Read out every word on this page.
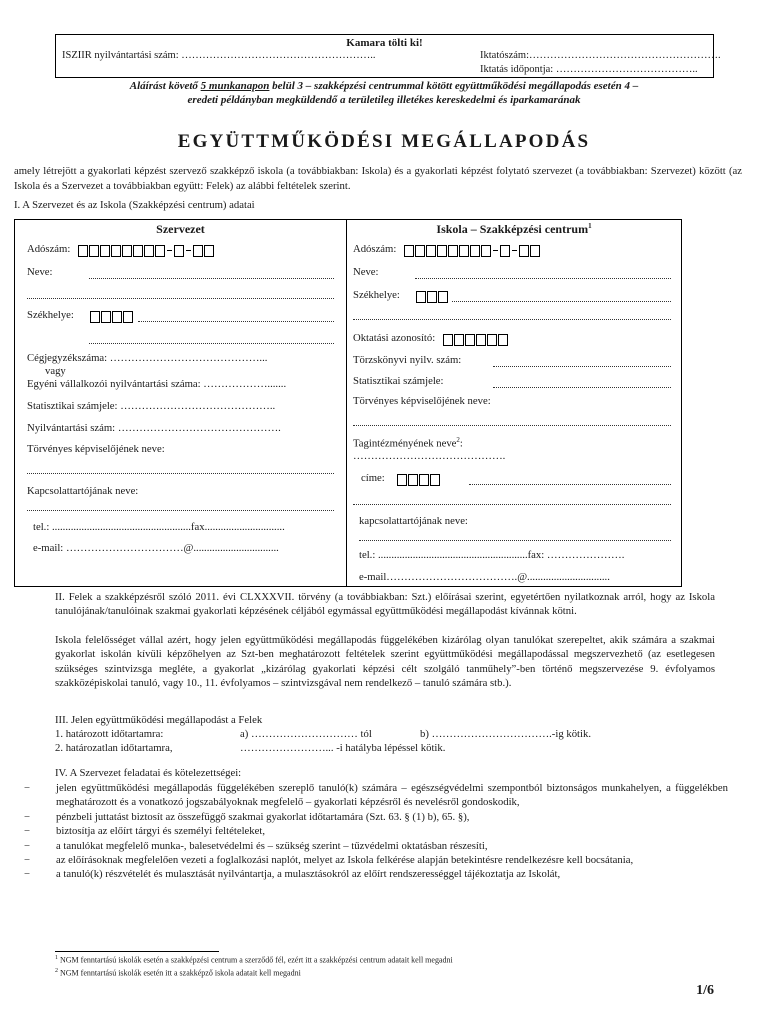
Kamara tölti ki!
ISZIIR nyilvántartási szám: ………………………………………………..	Iktatószám:……………………………………………….
Iktatás időpontja: …………………………………..
Aláírást követő 5 munkanapon belül 3 – szakképzési centrummal kötött együttműködési megállapodás esetén 4 –
eredeti példányban megküldendő a területileg illetékes kereskedelmi és iparkamarának
EGYÜTTMŰKÖDÉSI MEGÁLLAPODÁS
amely létrejött a gyakorlati képzést szervező szakképző iskola (a továbbiakban: Iskola) és a gyakorlati képzést folytató szervezet (a továbbiakban: Szervezet) között (az Iskola és a Szervezet a továbbiakban együtt: Felek) az alábbi feltételek szerint.
I. A Szervezet és az Iskola (Szakképzési centrum) adatai
Szervezet
Adószám:
Neve:
Székhelye:
Cégjegyzékszáma: ……………………………………...
vagy
Egyéni vállalkozói nyilvántartási száma: ……………….......
Statisztikai számjele: ……………………………………..
Nyilvántartási szám: ……………………………………….
Törvényes képviselőjének neve:
Kapcsolattartójának neve:
tel.: ....................................................fax..............................
e-mail: ……………………………@................................
Iskola – Szakképzési centrum$^1$
Adószám:
Neve:
Székhelye:
Oktatási azonosító:
Törzskönyvi nyilv. szám:
Statisztikai számjele:
Törvényes képviselőjének neve:
Tagintézményének neve$^2$:
…………………………………….
címe:
kapcsolattartójának neve:
tel.: ........................................................fax: ………………….
e-mail……………………………….@...............................
II. Felek a szakképzésről szóló 2011. évi CLXXXVII. törvény (a továbbiakban: Szt.) előírásai szerint, egyetértően nyilatkoznak arról, hogy az Iskola tanulójának/tanulóinak szakmai gyakorlati képzésének céljából egymással együttműködési megállapodást kívánnak kötni.
Iskola felelősséget vállal azért, hogy jelen együttműködési megállapodás függelékében kizárólag olyan tanulókat szerepeltet, akik számára a szakmai gyakorlat iskolán kívüli képzőhelyen az Szt-ben meghatározott feltételek szerint együttműködési megállapodással megszervezhető (az esetlegesen szükséges szintvizsga megléte, a gyakorlat „kizárólag gyakorlati képzési célt szolgáló tanműhely”-ben történő megszervezése 9. évfolyamos szakközépiskolai tanuló, vagy 10., 11. évfolyamos – szintvizsgával nem rendelkező – tanuló számára stb.).
III. Jelen együttműködési megállapodást a Felek
1. határozott időtartamra:	a) ………………………… tól	b) …………………………….-ig kötik.
2. határozatlan időtartamra,	……………………... -i hatályba lépéssel kötik.
IV. A Szervezet feladatai és kötelezettségei:
−	jelen együttműködési megállapodás függelékében szereplő tanuló(k) számára – egészségvédelmi szempontból biztonságos munkahelyen, a függelékben meghatározott és a vonatkozó jogszabályoknak megfelelő – gyakorlati képzésről és nevelésről gondoskodik,
−	pénzbeli juttatást biztosít az összefüggő szakmai gyakorlat időtartamára (Szt. 63. § (1) b), 65. §),
−	biztosítja az előírt tárgyi és személyi feltételeket,
−	a tanulókat megfelelő munka-, balesetvédelmi és – szükség szerint – tűzvédelmi oktatásban részesíti,
−	az előírásoknak megfelelően vezeti a foglalkozási naplót, melyet az Iskola felkérése alapján betekintésre rendelkezésre kell bocsátania,
−	a tanuló(k) részvételét és mulasztását nyilvántartja, a mulasztásokról az előírt rendszerességgel tájékoztatja az Iskolát,
$^1$ NGM fenntartású iskolák esetén a szakképzési centrum a szerződő fél, ezért itt a szakképzési centrum adatait kell megadni
$^2$ NGM fenntartású iskolák esetén itt a szakképző iskola adatait kell megadni
1/6
